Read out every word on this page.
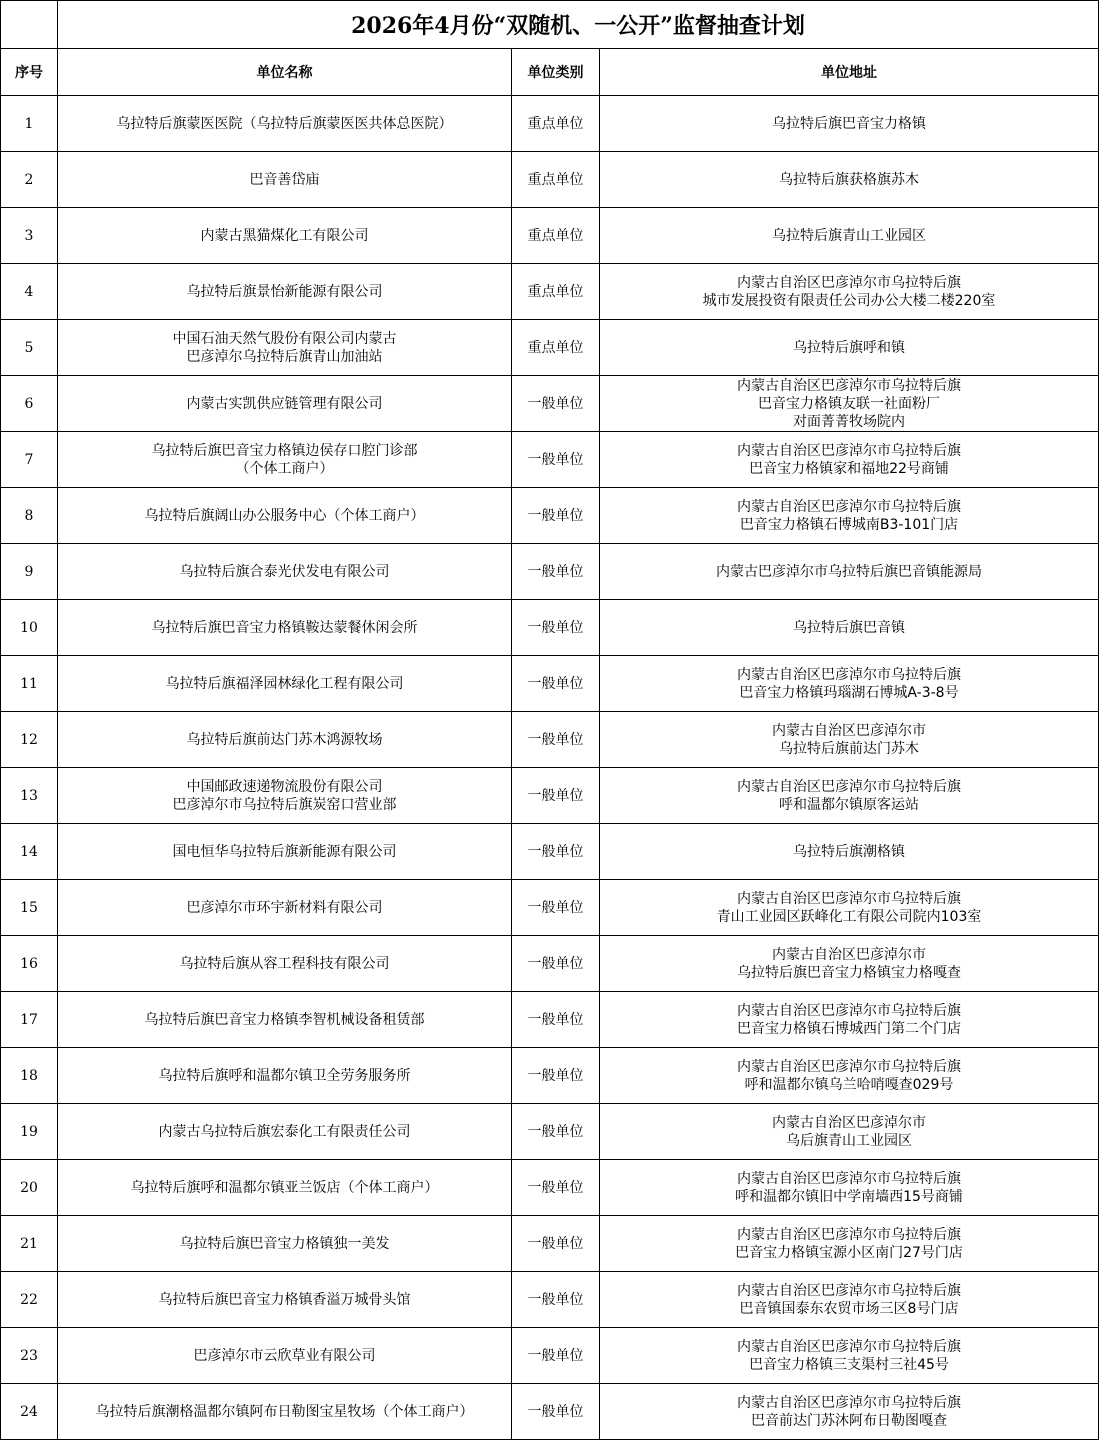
	2026年4月份“双随机、一公开”监督抽查计划		
序号	单位名称	单位类别	单位地址
1	乌拉特后旗蒙医医院（乌拉特后旗蒙医医共体总医院）	重点单位	乌拉特后旗巴音宝力格镇

2	巴音善岱庙	重点单位	乌拉特后旗获格旗苏木

3	内蒙古黑猫煤化工有限公司	重点单位	乌拉特后旗青山工业园区

4	乌拉特后旗景怡新能源有限公司	重点单位	内蒙古自治区巴彦淖尔市乌拉特后旗
城市发展投资有限责任公司办公大楼二楼220室

5	中国石油天然气股份有限公司内蒙古
巴彦淖尔乌拉特后旗青山加油站	重点单位	乌拉特后旗呼和镇

6	内蒙古实凯供应链管理有限公司	一般单位	内蒙古自治区巴彦淖尔市乌拉特后旗
巴音宝力格镇友联一社面粉厂
对面菁菁牧场院内

7	乌拉特后旗巴音宝力格镇边侯存口腔门诊部
（个体工商户）	一般单位	内蒙古自治区巴彦淖尔市乌拉特后旗
巴音宝力格镇家和福地22号商铺

8	乌拉特后旗阔山办公服务中心（个体工商户）	一般单位	内蒙古自治区巴彦淖尔市乌拉特后旗
巴音宝力格镇石博城南B3-101门店

9	乌拉特后旗合泰光伏发电有限公司	一般单位	内蒙古巴彦淖尔市乌拉特后旗巴音镇能源局

10	乌拉特后旗巴音宝力格镇鞍达蒙餐休闲会所	一般单位	乌拉特后旗巴音镇

11	乌拉特后旗福泽园林绿化工程有限公司	一般单位	内蒙古自治区巴彦淖尔市乌拉特后旗
巴音宝力格镇玛瑙湖石博城A-3-8号

12	乌拉特后旗前达门苏木鸿源牧场	一般单位	内蒙古自治区巴彦淖尔市
乌拉特后旗前达门苏木

13	中国邮政速递物流股份有限公司
巴彦淖尔市乌拉特后旗炭窑口营业部	一般单位	内蒙古自治区巴彦淖尔市乌拉特后旗
呼和温都尔镇原客运站

14	国电恒华乌拉特后旗新能源有限公司	一般单位	乌拉特后旗潮格镇

15	巴彦淖尔市环宇新材料有限公司	一般单位	内蒙古自治区巴彦淖尔市乌拉特后旗
青山工业园区跃峰化工有限公司院内103室

16	乌拉特后旗从容工程科技有限公司	一般单位	内蒙古自治区巴彦淖尔市
乌拉特后旗巴音宝力格镇宝力格嘎查

17	乌拉特后旗巴音宝力格镇李智机械设备租赁部	一般单位	内蒙古自治区巴彦淖尔市乌拉特后旗
巴音宝力格镇石博城西门第二个门店

18	乌拉特后旗呼和温都尔镇卫全劳务服务所	一般单位	内蒙古自治区巴彦淖尔市乌拉特后旗
呼和温都尔镇乌兰哈哨嘎查029号

19	内蒙古乌拉特后旗宏泰化工有限责任公司	一般单位	内蒙古自治区巴彦淖尔市
乌后旗青山工业园区

20	乌拉特后旗呼和温都尔镇亚兰饭店（个体工商户）	一般单位	内蒙古自治区巴彦淖尔市乌拉特后旗
呼和温都尔镇旧中学南墙西15号商铺

21	乌拉特后旗巴音宝力格镇独一美发	一般单位	内蒙古自治区巴彦淖尔市乌拉特后旗
巴音宝力格镇宝源小区南门27号门店

22	乌拉特后旗巴音宝力格镇香溢万城骨头馆	一般单位	内蒙古自治区巴彦淖尔市乌拉特后旗
巴音镇国泰东农贸市场三区8号门店

23	巴彦淖尔市云欣草业有限公司	一般单位	内蒙古自治区巴彦淖尔市乌拉特后旗
巴音宝力格镇三支渠村三社45号

24	乌拉特后旗潮格温都尔镇阿布日勒图宝星牧场（个体工商户）	一般单位	内蒙古自治区巴彦淖尔市乌拉特后旗
巴音前达门苏沐阿布日勒图嘎查
